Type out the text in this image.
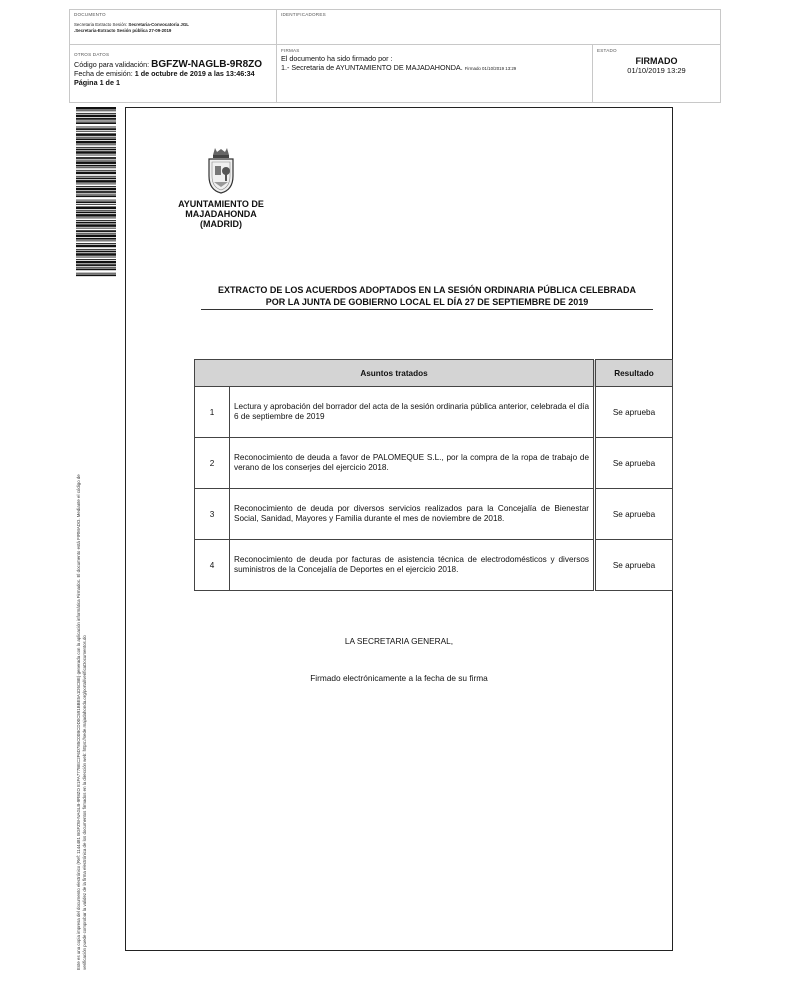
DOCUMENTO
Secretaria Extracto Sesión: Secretaria-Convocatoria JGL
.Secretaria-Extracto Sesión pública 27-09-2019
IDENTIFICADORES
OTROS DATOS
Código para validación: BGFZW-NAGLB-9R8ZO
Fecha de emisión: 1 de octubre de 2019 a las 13:46:34
Página 1 de 1
FIRMAS
El documento ha sido firmado por :
1.- Secretaria de AYUNTAMIENTO DE MAJADAHONDA. Firmado 01/10/2019 13:29
ESTADO
FIRMADO
01/10/2019 13:29
Este es una copia impresa del documento electrónico (Ref: 1144481 BGFZW-NAGLB-9R8ZO E1FA777BEC2F6D785C00BCDD0C591BBE5A1D5CBE) generada con la aplicación informática Firmadoc. El documento está FIRMADO. Mediante el código de verificación puede comprobar la validez de la firma electrónica de los documentos firmados en la dirección web: https://sede.majadahonda.org/portal/verificaDocumentos.do
AYUNTAMIENTO DE
MAJADAHONDA
(MADRID)
EXTRACTO DE LOS ACUERDOS ADOPTADOS EN LA SESIÓN ORDINARIA PÚBLICA CELEBRADA
POR LA JUNTA DE GOBIERNO LOCAL EL DÍA 27 DE SEPTIEMBRE DE 2019
Asuntos tratados		Resultado
1	Lectura y aprobación del borrador del acta de la sesión ordinaria pública anterior, celebrada el día 6 de septiembre de 2019	Se aprueba
2	Reconocimiento de deuda a favor de PALOMEQUE S.L., por la compra de la ropa de trabajo de verano de los conserjes del ejercicio 2018.	Se aprueba
3	Reconocimiento de deuda por diversos servicios realizados para la Concejalía de Bienestar Social, Sanidad, Mayores y Familia durante el mes de noviembre de 2018.	Se aprueba
4	Reconocimiento de deuda por facturas de asistencia técnica de electrodomésticos y diversos suministros de la Concejalía de Deportes en el ejercicio 2018.	Se aprueba
LA SECRETARIA GENERAL,
Firmado electrónicamente a la fecha de su firma
